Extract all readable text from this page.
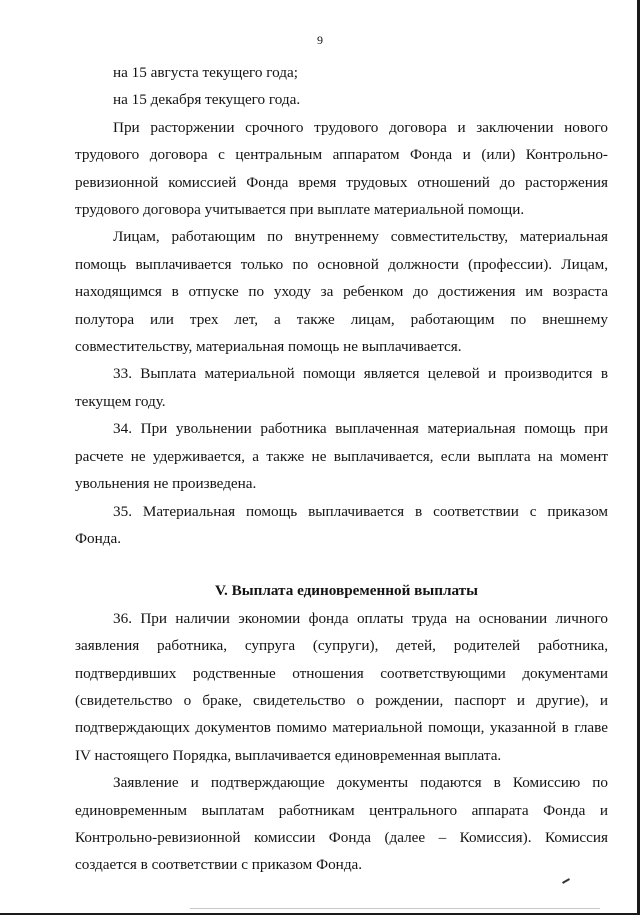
9

на 15 августа текущего года;

на 15 декабря текущего года.

При расторжении срочного трудового договора и заключении нового трудового договора с центральным аппаратом Фонда и (или) Контрольно-ревизионной комиссией Фонда время трудовых отношений до расторжения трудового договора учитывается при выплате материальной помощи.

Лицам, работающим по внутреннему совместительству, материальная помощь выплачивается только по основной должности (профессии). Лицам, находящимся в отпуске по уходу за ребенком до достижения им возраста полутора или трех лет, а также лицам, работающим по внешнему совместительству, материальная помощь не выплачивается.

33. Выплата материальной помощи является целевой и производится в текущем году.

34. При увольнении работника выплаченная материальная помощь при расчете не удерживается, а также не выплачивается, если выплата на момент увольнения не произведена.

35. Материальная помощь выплачивается в соответствии с приказом Фонда.

V. Выплата единовременной выплаты

36. При наличии экономии фонда оплаты труда на основании личного заявления работника, супруга (супруги), детей, родителей работника, подтвердивших родственные отношения соответствующими документами (свидетельство о браке, свидетельство о рождении, паспорт и другие), и подтверждающих документов помимо материальной помощи, указанной в главе IV настоящего Порядка, выплачивается единовременная выплата.

Заявление и подтверждающие документы подаются в Комиссию по единовременным выплатам работникам центрального аппарата Фонда и Контрольно-ревизионной комиссии Фонда (далее – Комиссия). Комиссия создается в соответствии с приказом Фонда.
